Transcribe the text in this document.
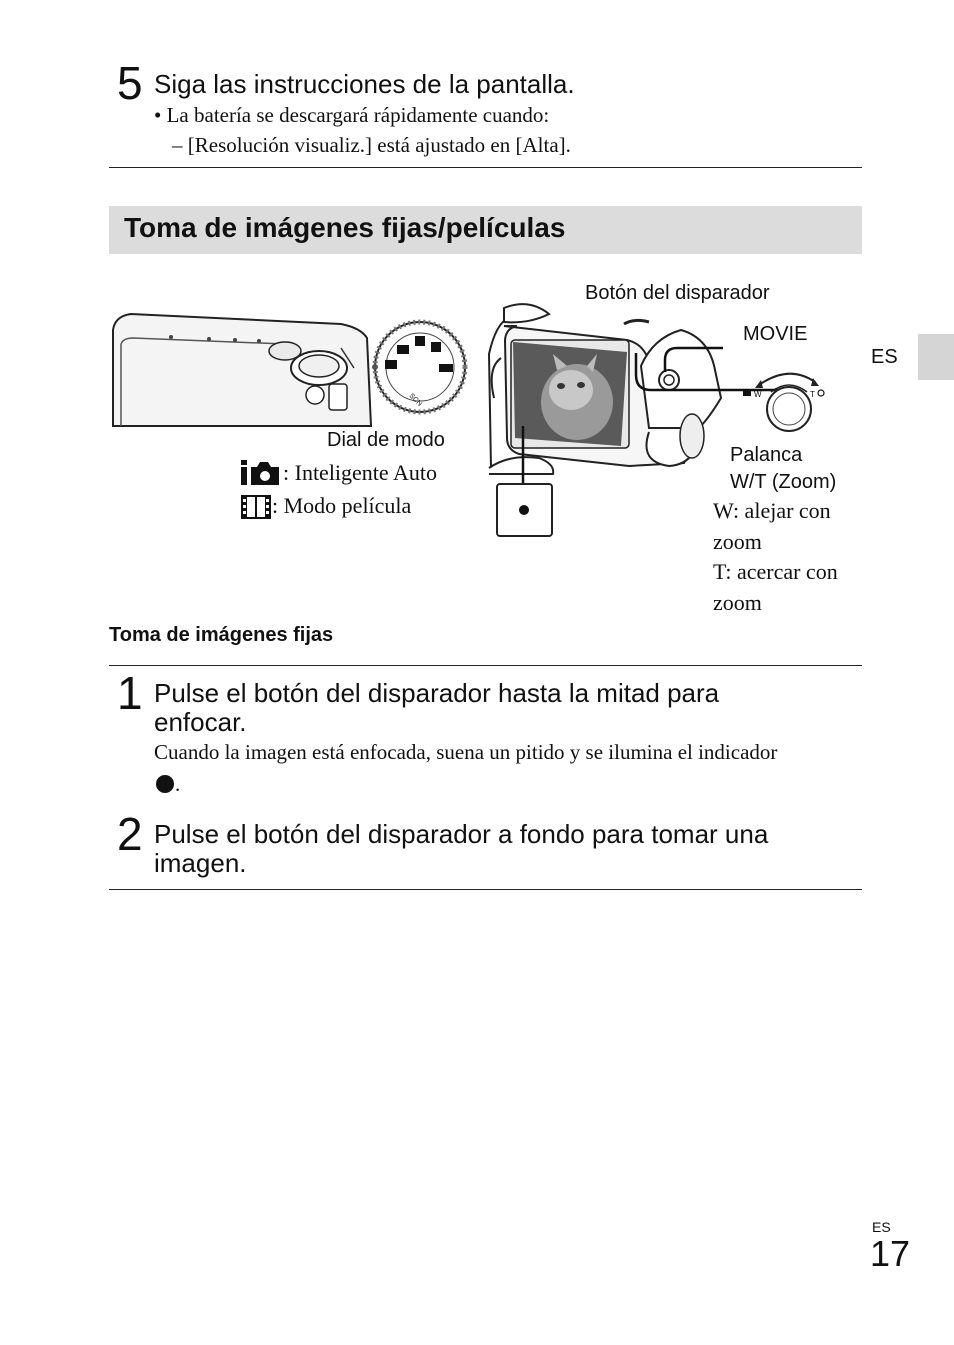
5 Siga las instrucciones de la pantalla.
• La batería se descargará rápidamente cuando:
– [Resolución visualiz.] está ajustado en [Alta].
Toma de imágenes fijas/películas
ES
SCN	W	T
Botón del disparador
MOVIE
Dial de modo
: Inteligente Auto
: Modo película
Palanca
W/T (Zoom)
W: alejar con
zoom
T: acercar con
zoom
Toma de imágenes fijas
1 Pulse el botón del disparador hasta la mitad para
enfocar.
Cuando la imagen está enfocada, suena un pitido y se ilumina el indicador
.
2 Pulse el botón del disparador a fondo para tomar una
imagen.
ES
17
